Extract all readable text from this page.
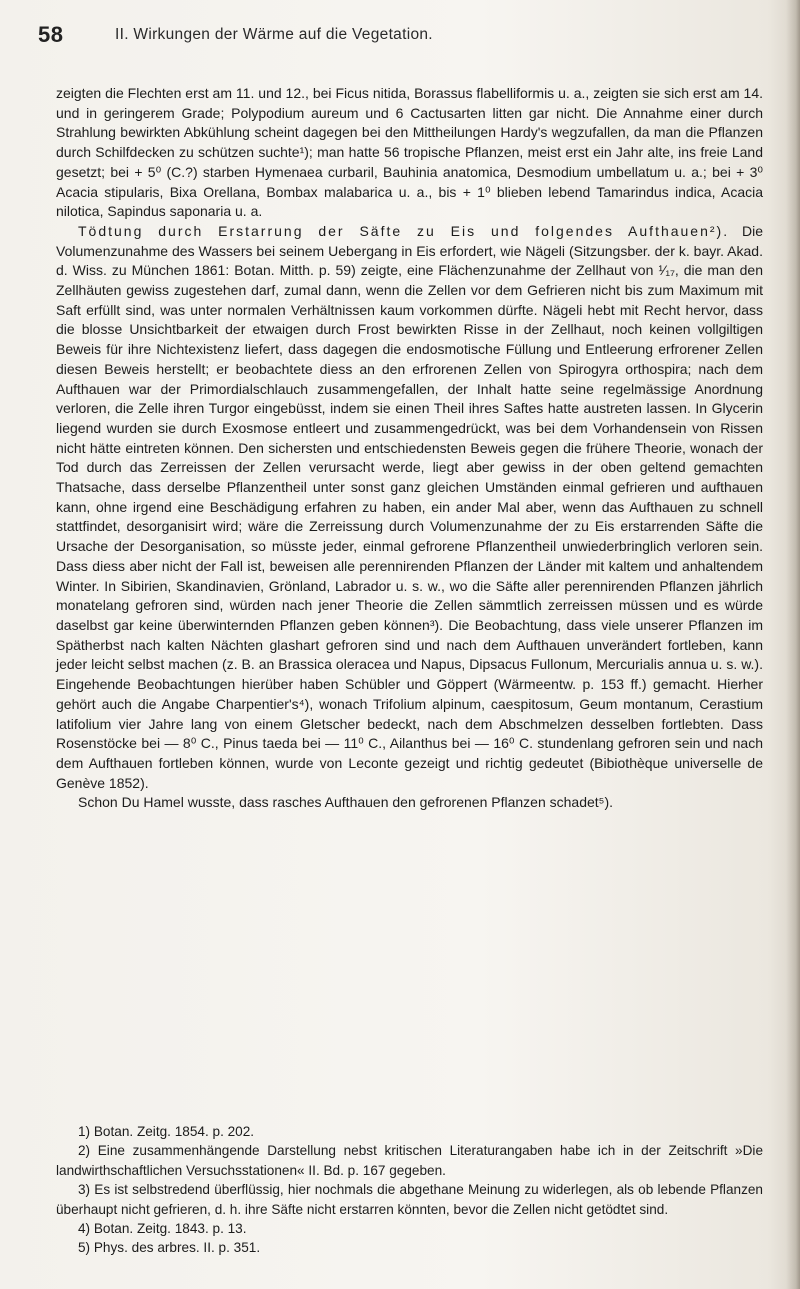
58	II. Wirkungen der Wärme auf die Vegetation.

zeigten die Flechten erst am 11. und 12., bei Ficus nitida, Borassus flabelliformis u. a., zeigten sie sich erst am 14. und in geringerem Grade; Polypodium aureum und 6 Cactusarten litten gar nicht. Die Annahme einer durch Strahlung bewirkten Abkühlung scheint dagegen bei den Mittheilungen Hardy's wegzufallen, da man die Pflanzen durch Schilfdecken zu schützen suchte¹); man hatte 56 tropische Pflanzen, meist erst ein Jahr alte, ins freie Land gesetzt; bei + 5⁰ (C.?) starben Hymenaea curbaril, Bauhinia anatomica, Desmodium umbellatum u. a.; bei + 3⁰ Acacia stipularis, Bixa Orellana, Bombax malabarica u. a., bis + 1⁰ blieben lebend Tamarindus indica, Acacia nilotica, Sapindus saponaria u. a.

Tödtung durch Erstarrung der Säfte zu Eis und folgendes Aufthauen²). Die Volumenzunahme des Wassers bei seinem Uebergang in Eis erfordert, wie Nägeli (Sitzungsber. der k. bayr. Akad. d. Wiss. zu München 1861: Botan. Mitth. p. 59) zeigte, eine Flächenzunahme der Zellhaut von ¹⁄₁₇, die man den Zellhäuten gewiss zugestehen darf, zumal dann, wenn die Zellen vor dem Gefrieren nicht bis zum Maximum mit Saft erfüllt sind, was unter normalen Verhältnissen kaum vorkommen dürfte. Nägeli hebt mit Recht hervor, dass die blosse Unsichtbarkeit der etwaigen durch Frost bewirkten Risse in der Zellhaut, noch keinen vollgiltigen Beweis für ihre Nichtexistenz liefert, dass dagegen die endosmotische Füllung und Entleerung erfrorener Zellen diesen Beweis herstellt; er beobachtete diess an den erfrorenen Zellen von Spirogyra orthospira; nach dem Aufthauen war der Primordialschlauch zusammengefallen, der Inhalt hatte seine regelmässige Anordnung verloren, die Zelle ihren Turgor eingebüsst, indem sie einen Theil ihres Saftes hatte austreten lassen. In Glycerin liegend wurden sie durch Exosmose entleert und zusammengedrückt, was bei dem Vorhandensein von Rissen nicht hätte eintreten können. Den sichersten und entschiedensten Beweis gegen die frühere Theorie, wonach der Tod durch das Zerreissen der Zellen verursacht werde, liegt aber gewiss in der oben geltend gemachten Thatsache, dass derselbe Pflanzentheil unter sonst ganz gleichen Umständen einmal gefrieren und aufthauen kann, ohne irgend eine Beschädigung erfahren zu haben, ein ander Mal aber, wenn das Aufthauen zu schnell stattfindet, desorganisirt wird; wäre die Zerreissung durch Volumenzunahme der zu Eis erstarrenden Säfte die Ursache der Desorganisation, so müsste jeder, einmal gefrorene Pflanzentheil unwiederbringlich verloren sein. Dass diess aber nicht der Fall ist, beweisen alle perennirenden Pflanzen der Länder mit kaltem und anhaltendem Winter. In Sibirien, Skandinavien, Grönland, Labrador u. s. w., wo die Säfte aller perennirenden Pflanzen jährlich monatelang gefroren sind, würden nach jener Theorie die Zellen sämmtlich zerreissen müssen und es würde daselbst gar keine überwinternden Pflanzen geben können³). Die Beobachtung, dass viele unserer Pflanzen im Spätherbst nach kalten Nächten glashart gefroren sind und nach dem Aufthauen unverändert fortleben, kann jeder leicht selbst machen (z. B. an Brassica oleracea und Napus, Dipsacus Fullonum, Mercurialis annua u. s. w.). Eingehende Beobachtungen hierüber haben Schübler und Göppert (Wärmeentw. p. 153 ff.) gemacht. Hierher gehört auch die Angabe Charpentier's⁴), wonach Trifolium alpinum, caespitosum, Geum montanum, Cerastium latifolium vier Jahre lang von einem Gletscher bedeckt, nach dem Abschmelzen desselben fortlebten. Dass Rosenstöcke bei — 8⁰ C., Pinus taeda bei — 11⁰ C., Ailanthus bei — 16⁰ C. stundenlang gefroren sein und nach dem Aufthauen fortleben können, wurde von Leconte gezeigt und richtig gedeutet (Bibiothèque universelle de Genève 1852).

Schon Du Hamel wusste, dass rasches Aufthauen den gefrorenen Pflanzen schadet⁵).

1) Botan. Zeitg. 1854. p. 202.

2) Eine zusammenhängende Darstellung nebst kritischen Literaturangaben habe ich in der Zeitschrift »Die landwirthschaftlichen Versuchsstationen« II. Bd. p. 167 gegeben.

3) Es ist selbstredend überflüssig, hier nochmals die abgethane Meinung zu widerlegen, als ob lebende Pflanzen überhaupt nicht gefrieren, d. h. ihre Säfte nicht erstarren könnten, bevor die Zellen nicht getödtet sind.

4) Botan. Zeitg. 1843. p. 13.

5) Phys. des arbres. II. p. 351.
